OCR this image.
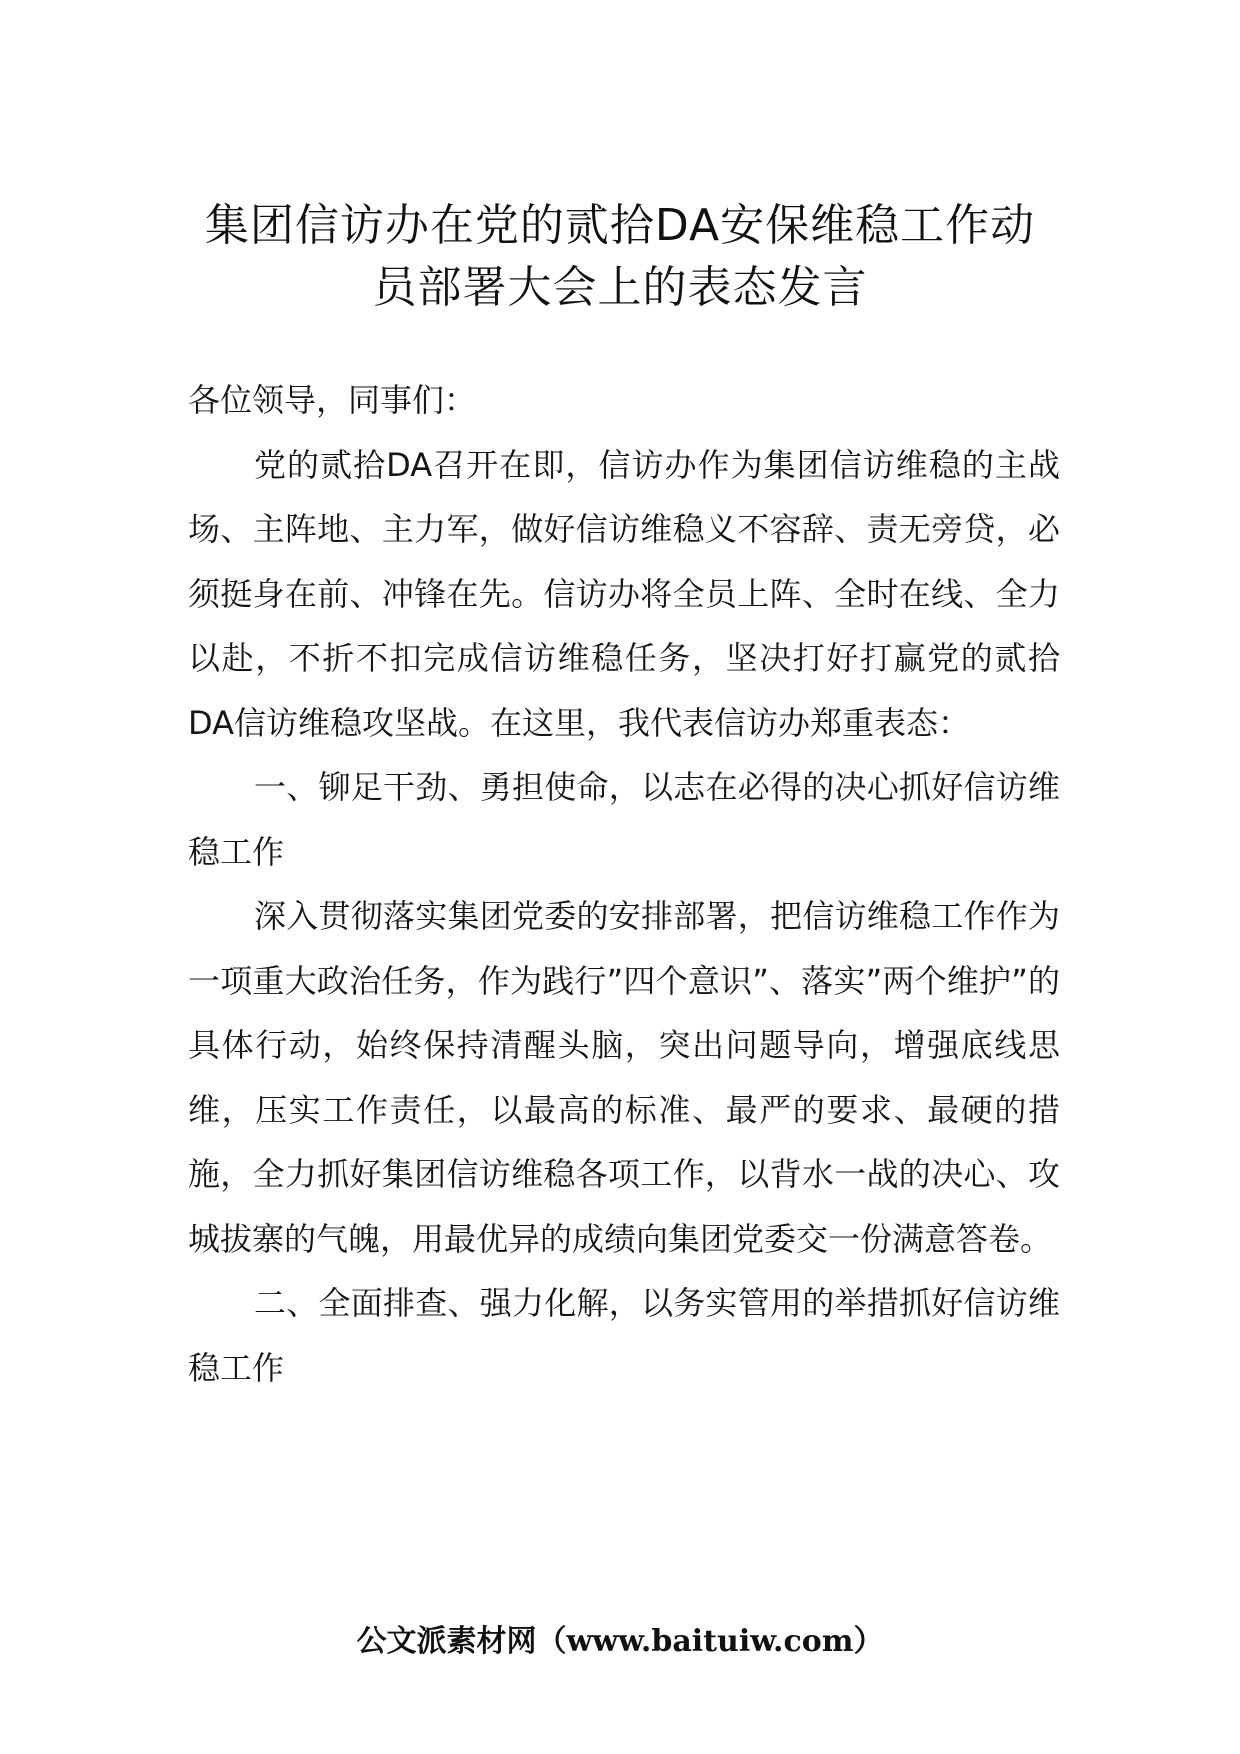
集团信访办在党的贰拾DA安保维稳工作动
员部署大会上的表态发言

各位领导，同事们：

党的贰拾DA召开在即，信访办作为集团信访维稳的主战场、主阵地、主力军，做好信访维稳义不容辞、责无旁贷，必须挺身在前、冲锋在先。信访办将全员上阵、全时在线、全力以赴，不折不扣完成信访维稳任务，坚决打好打赢党的贰拾DA信访维稳攻坚战。在这里，我代表信访办郑重表态：

一、铆足干劲、勇担使命，以志在必得的决心抓好信访维稳工作

深入贯彻落实集团党委的安排部署，把信访维稳工作作为一项重大政治任务，作为践行”四个意识”、落实”两个维护”的具体行动，始终保持清醒头脑，突出问题导向，增强底线思维，压实工作责任，以最高的标准、最严的要求、最硬的措施，全力抓好集团信访维稳各项工作，以背水一战的决心、攻城拔寨的气魄，用最优异的成绩向集团党委交一份满意答卷。

二、全面排查、强力化解，以务实管用的举措抓好信访维稳工作

公文派素材网（www.baituiw.com）
